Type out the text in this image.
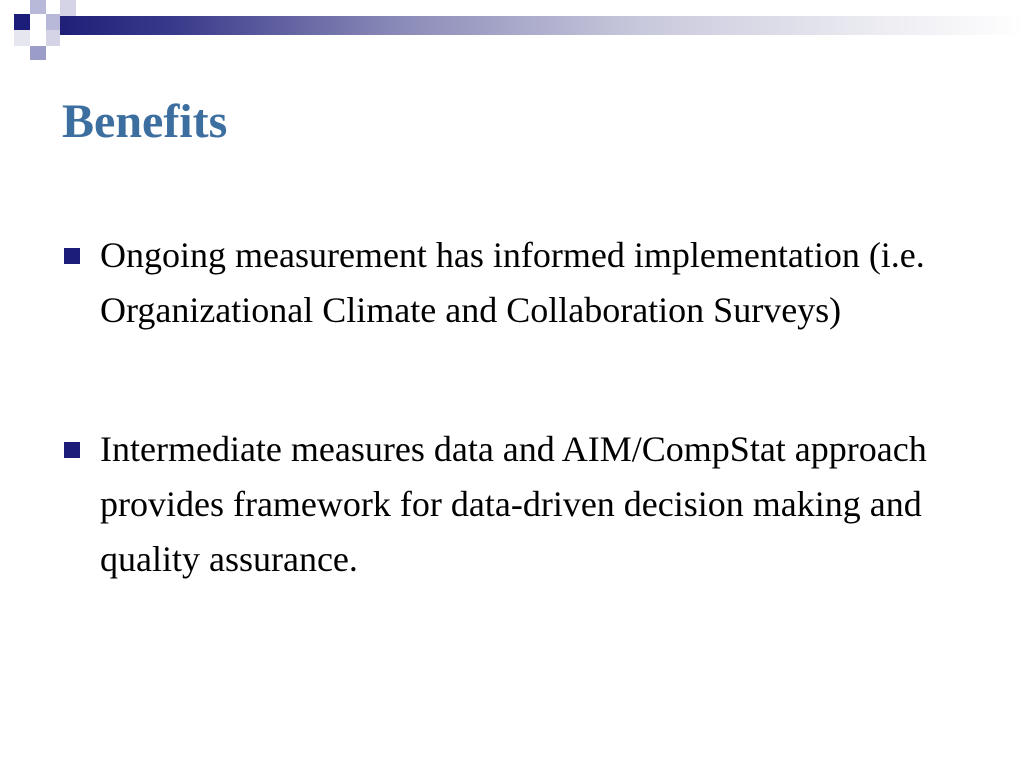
Benefits
Ongoing measurement has informed implementation (i.e. Organizational Climate and Collaboration Surveys)
Intermediate measures data and AIM/CompStat approach provides framework for data-driven decision making and quality assurance.
